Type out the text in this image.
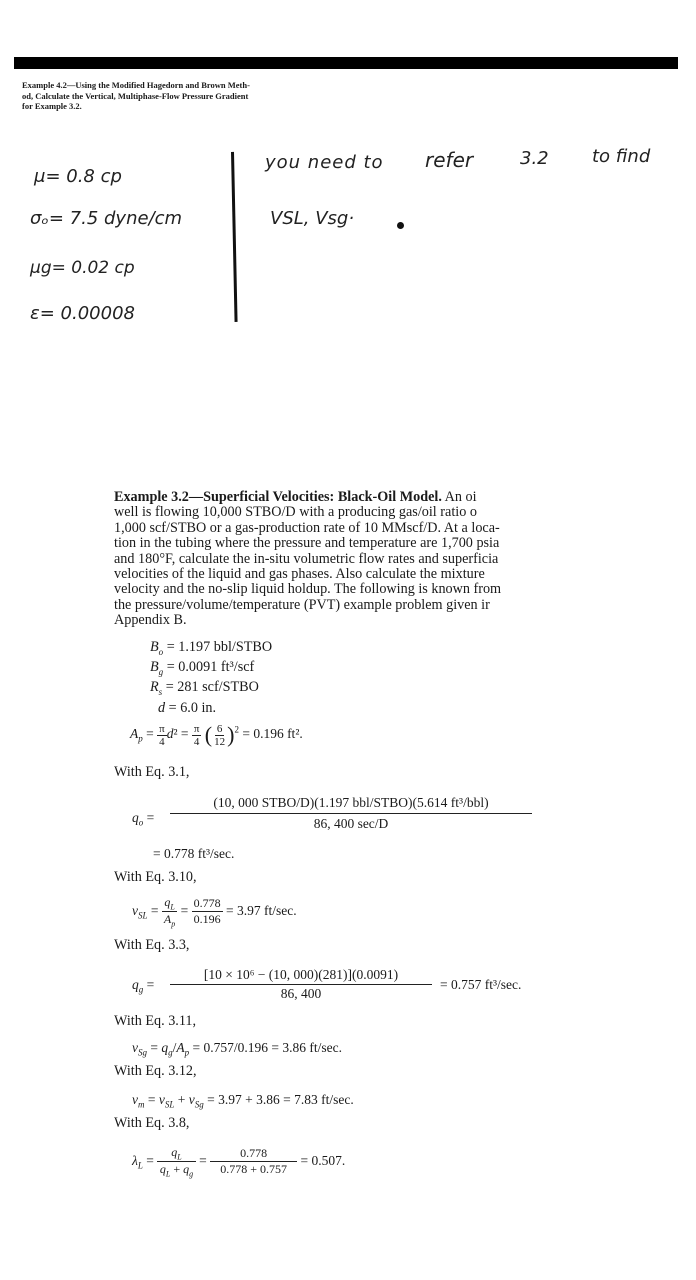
Example 4.2—Using the Modified Hagedorn and Brown Meth-
od, Calculate the Vertical, Multiphase-Flow Pressure Gradient
for Example 3.2.
μ= 0.8 cp
σₒ= 7.5 dyne/cm
μg= 0.02 cp
ε= 0.00008
you need to refer	3.2 to find
VSL, Vsg·
Example 3.2—Superficial Velocities: Black-Oil Model. An oi
well is flowing 10,000 STBO/D with a producing gas/oil ratio o
1,000 scf/STBO or a gas-production rate of 10 MMscf/D. At a loca-
tion in the tubing where the pressure and temperature are 1,700 psia
and 180°F, calculate the in-situ volumetric flow rates and superficia
velocities of the liquid and gas phases. Also calculate the mixture
velocity and the no-slip liquid holdup. The following is known from
the pressure/volume/temperature (PVT) example problem given ir
Appendix B.
$B_o = 1.197$ bbl/STBO
$B_g = 0.0091$ ft³/scf
$R_s = 281$ scf/STBO
d = 6.0 in.
$A_p = \frac{\pi}{4} d^2 = \frac{\pi}{4}$ ( $\frac{6}{12} )^2 = 0.196$ ft².
With Eq. 3.1,
$q_o$ =
(10, 000 STBO/D)(1.197 bbl/STBO)(5.614 ft³/bbl)
86, 400 sec/D
= 0.778 ft³/sec.
With Eq. 3.10,
$v_{SL} = \frac{q_L}{A_p} = \frac{0.778}{0.196} = 3.97$ ft/sec.
With Eq. 3.3,
$q_g = \frac{\text{[10 × 10⁶ − (10, 000)(281)](0.0091)}}{86, 400} = 0.757$ ft³/sec.
With Eq. 3.11,
$v_{Sg} = q_g/A_p = 0.757/0.196 = 3.86$ ft/sec.
With Eq. 3.12,
$v_m = v_{SL} + v_{Sg} = 3.97 + 3.86 = 7.83$ ft/sec.
With Eq. 3.8,
$\lambda_L = \frac{q_L}{q_L + q_g} = \frac{0.778}{0.778 + 0.757} = 0.507$.
